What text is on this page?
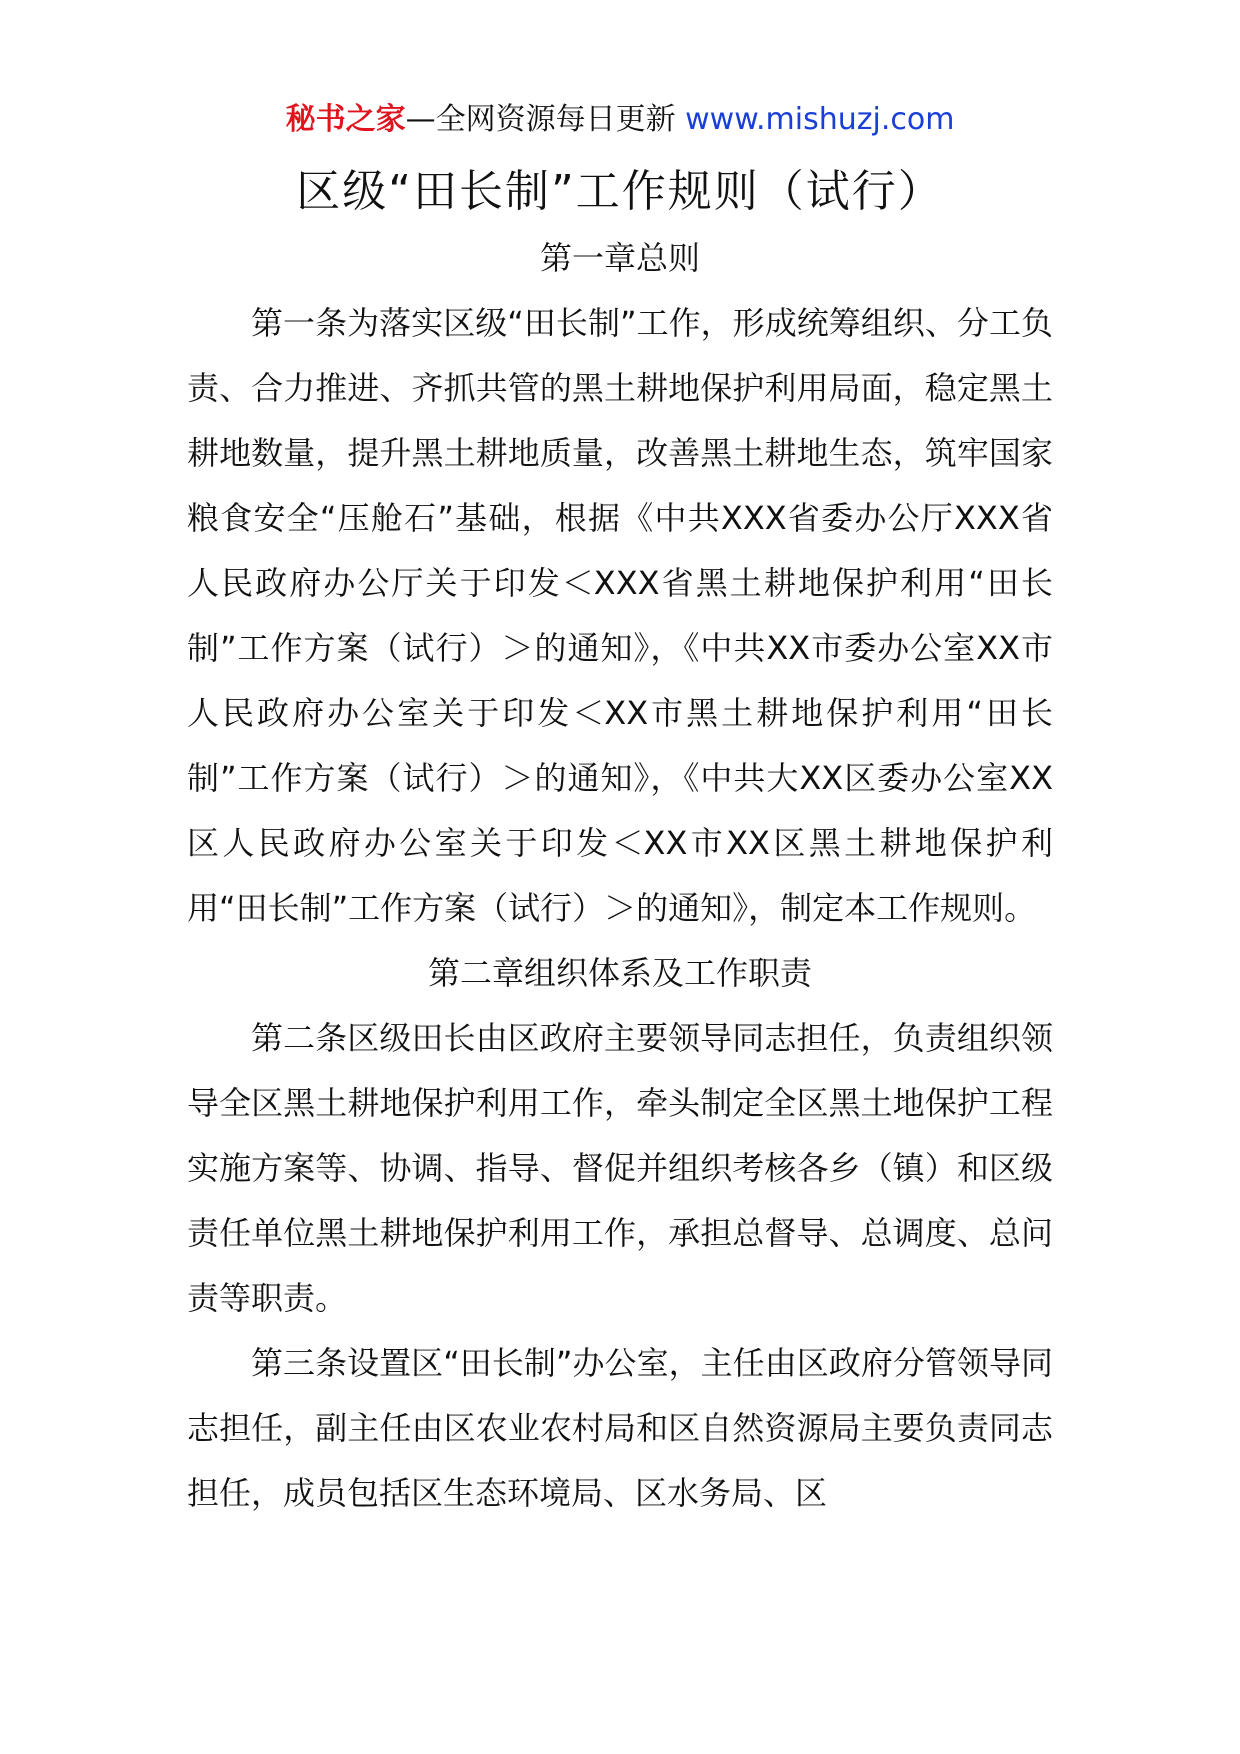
秘书之家—全网资源每日更新 www.mishuzj.com
区级“田长制”工作规则（试行）

第一章总则

第一条为落实区级“田长制”工作，形成统筹组织、分工负责、合力推进、齐抓共管的黑土耕地保护利用局面，稳定黑土耕地数量，提升黑土耕地质量，改善黑土耕地生态，筑牢国家粮食安全“压舱石”基础，根据《中共XXX省委办公厅XXX省人民政府办公厅关于印发＜XXX省黑土耕地保护利用“田长制”工作方案（试行）＞的通知》，《中共XX市委办公室XX市人民政府办公室关于印发＜XX市黑土耕地保护利用“田长制”工作方案（试行）＞的通知》，《中共大XX区委办公室XX区人民政府办公室关于印发＜XX市XX区黑土耕地保护利用“田长制”工作方案（试行）＞的通知》，制定本工作规则。

第二章组织体系及工作职责

第二条区级田长由区政府主要领导同志担任，负责组织领导全区黑土耕地保护利用工作，牵头制定全区黑土地保护工程实施方案等、协调、指导、督促并组织考核各乡（镇）和区级责任单位黑土耕地保护利用工作，承担总督导、总调度、总问责等职责。

第三条设置区“田长制”办公室，主任由区政府分管领导同志担任，副主任由区农业农村局和区自然资源局主要负责同志担任，成员包括区生态环境局、区水务局、区
